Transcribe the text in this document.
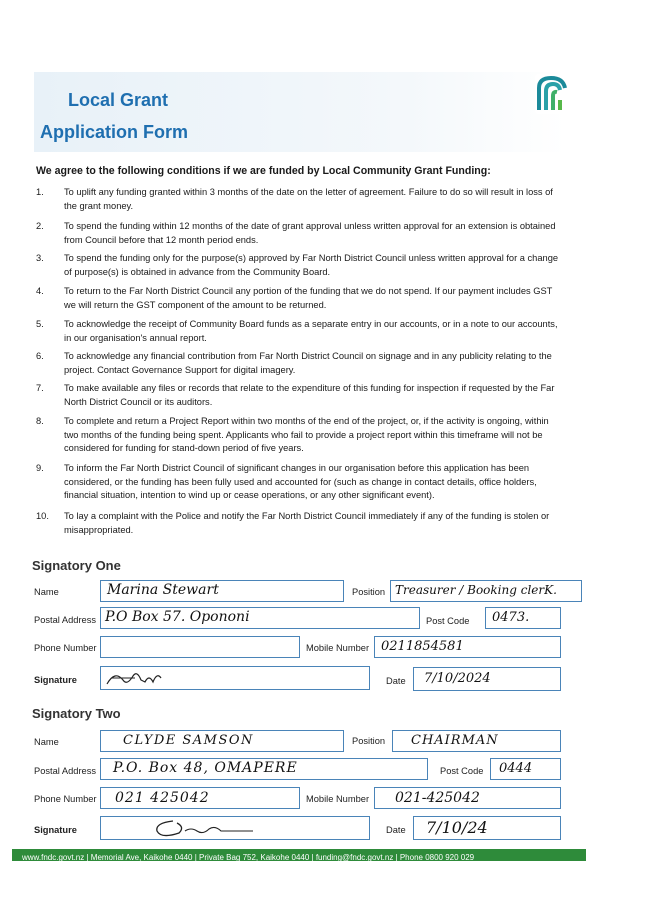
Local Grant
Application Form
We agree to the following conditions if we are funded by Local Community Grant Funding:
1.	To uplift any funding granted within 3 months of the date on the letter of agreement. Failure to do so will result in loss of the grant money.
2.	To spend the funding within 12 months of the date of grant approval unless written approval for an extension is obtained from Council before that 12 month period ends.
3.	To spend the funding only for the purpose(s) approved by Far North District Council unless written approval for a change of purpose(s) is obtained in advance from the Community Board.
4.	To return to the Far North District Council any portion of the funding that we do not spend. If our payment includes GST we will return the GST component of the amount to be returned.
5.	To acknowledge the receipt of Community Board funds as a separate entry in our accounts, or in a note to our accounts, in our organisation's annual report.
6.	To acknowledge any financial contribution from Far North District Council on signage and in any publicity relating to the project. Contact Governance Support for digital imagery.
7.	To make available any files or records that relate to the expenditure of this funding for inspection if requested by the Far North District Council or its auditors.
8.	To complete and return a Project Report within two months of the end of the project, or, if the activity is ongoing, within two months of the funding being spent. Applicants who fail to provide a project report within this timeframe will not be considered for funding for stand-down period of five years.
9.	To inform the Far North District Council of significant changes in our organisation before this application has been considered, or the funding has been fully used and accounted for (such as change in contact details, office holders, financial situation, intention to wind up or cease operations, or any other significant event).
10.	To lay a complaint with the Police and notify the Far North District Council immediately if any of the funding is stolen or misappropriated.
Signatory One
Name	Marina Stewart	Position Treasurer / Booking clerK.
Postal Address P.O Box 57. Opononi	Post Code 0473.
Phone Number	Mobile Number 0211854581
Signature	Date 7/10/2024
Signatory Two
Name	CLYDE SAMSON	Position CHAIRMAN
Postal Address P.O. Box 48, OMAPERE	Post Code 0444
Phone Number 021 425042	Mobile Number 021-425042
Signature	Date 7/10/24
www.fndc.govt.nz | Memorial Ave, Kaikohe 0440 | Private Bag 752, Kaikohe 0440 | funding@fndc.govt.nz | Phone 0800 920 029
